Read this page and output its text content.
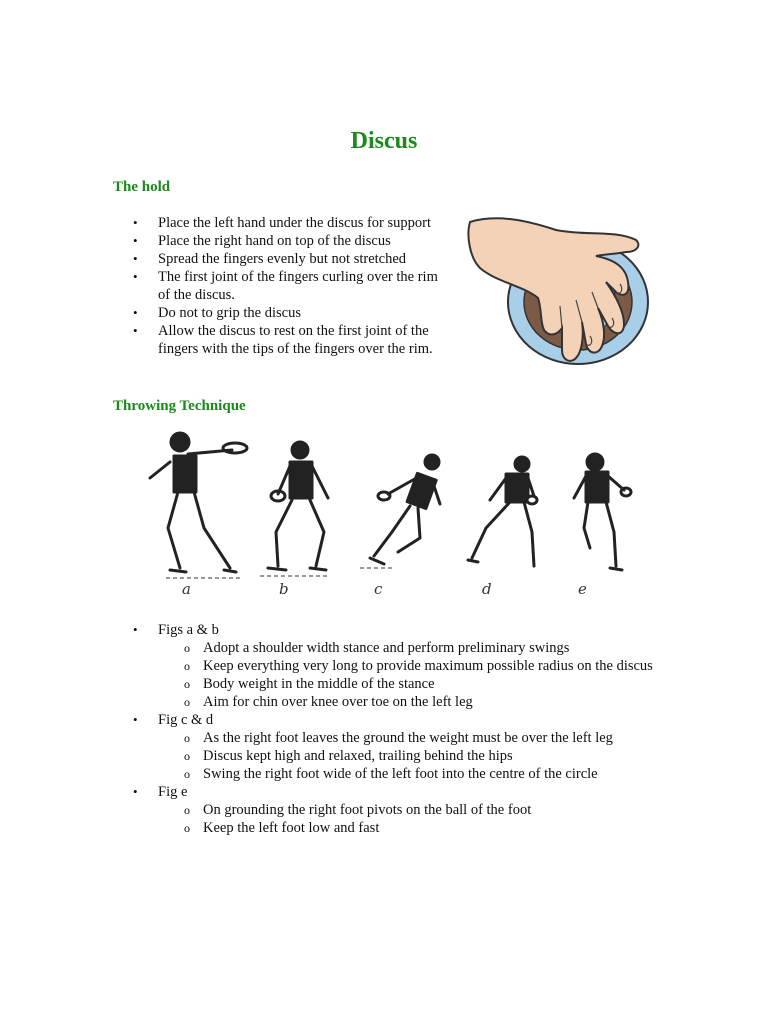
Discus
The hold
• Place the left hand under the discus for support
• Place the right hand on top of the discus
• Spread the fingers evenly but not stretched
• The first joint of the fingers curling over the rim of the discus.
• Do not to grip the discus
• Allow the discus to rest on the first joint of the fingers with the tips of the fingers over the rim.
Throwing Technique
a	b	c	d	e
• Figs a & b
o Adopt a shoulder width stance and perform preliminary swings
o Keep everything very long to provide maximum possible radius on the discus
o Body weight in the middle of the stance
o Aim for chin over knee over toe on the left leg
• Fig c & d
o As the right foot leaves the ground the weight must be over the left leg
o Discus kept high and relaxed, trailing behind the hips
o Swing the right foot wide of the left foot into the centre of the circle
• Fig e
o On grounding the right foot pivots on the ball of the foot
o Keep the left foot low and fast
